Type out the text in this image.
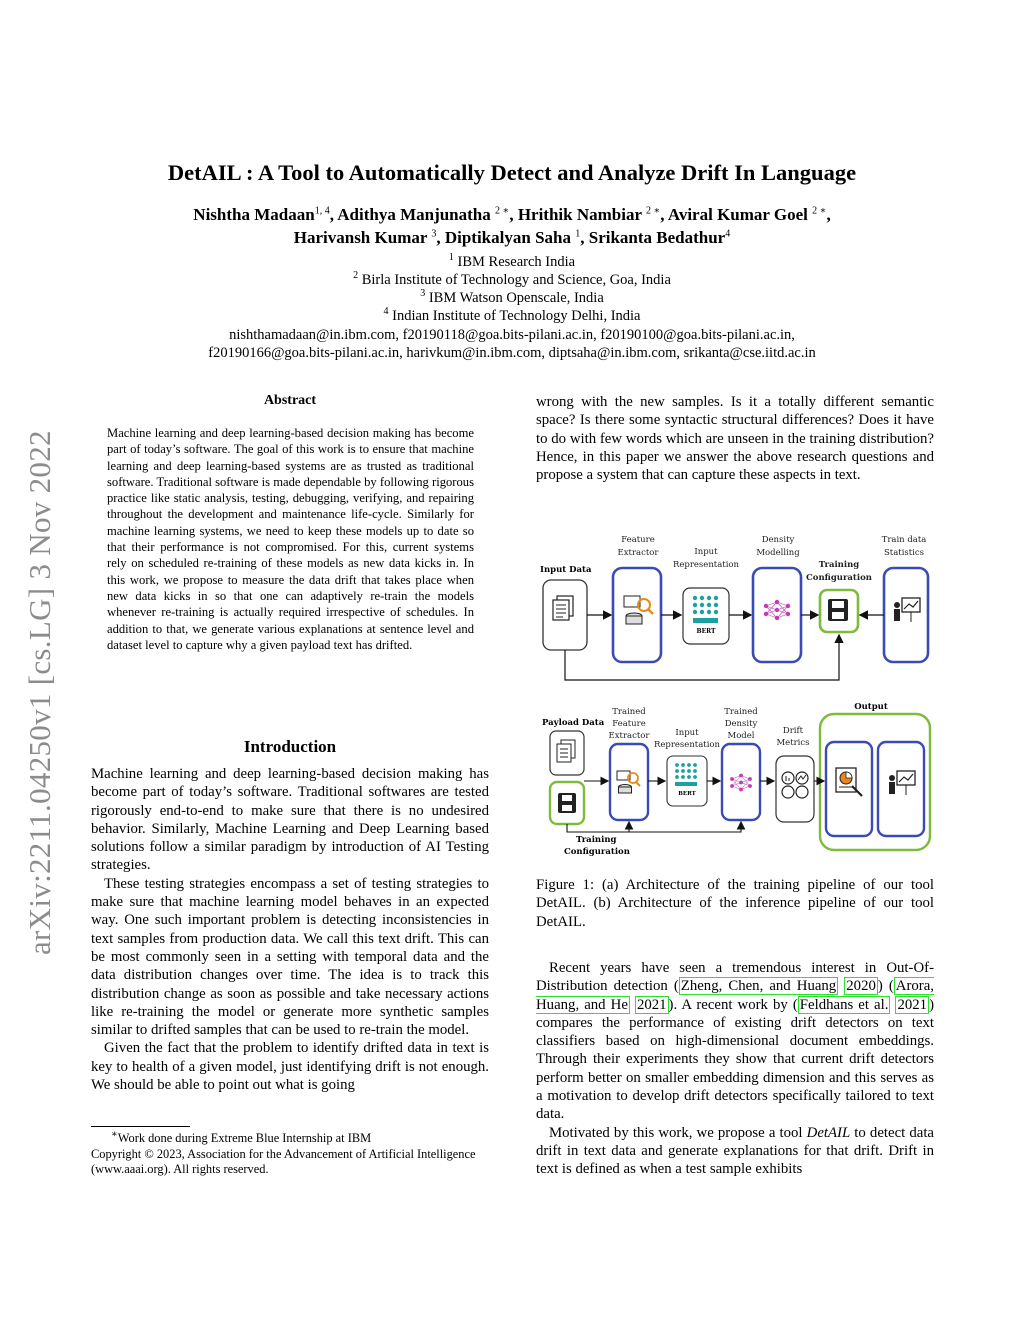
arXiv:2211.04250v1 [cs.LG] 3 Nov 2022
DetAIL : A Tool to Automatically Detect and Analyze Drift In Language
Nishtha Madaan$^{1, 4}$, Adithya Manjunatha $^{2 ∗}$, Hrithik Nambiar $^{2 ∗}$, Aviral Kumar Goel $^{2 ∗}$,
Harivansh Kumar $^3$, Diptikalyan Saha $^1$, Srikanta Bedathur$^4$
$^1$ IBM Research India
$^2$ Birla Institute of Technology and Science, Goa, India
$^3$ IBM Watson Openscale, India
$^4$ Indian Institute of Technology Delhi, India
nishthamadaan@in.ibm.com, f20190118@goa.bits-pilani.ac.in, f20190100@goa.bits-pilani.ac.in,
f20190166@goa.bits-pilani.ac.in, harivkum@in.ibm.com, diptsaha@in.ibm.com, srikanta@cse.iitd.ac.in
Abstract
Machine learning and deep learning-based decision making has become part of today’s software. The goal of this work is to ensure that machine learning and deep learning-based systems are as trusted as traditional software. Traditional software is made dependable by following rigorous practice like static analysis, testing, debugging, verifying, and repairing throughout the development and maintenance life-cycle. Similarly for machine learning systems, we need to keep these models up to date so that their performance is not compromised. For this, current systems rely on scheduled re-training of these models as new data kicks in. In this work, we propose to measure the data drift that takes place when new data kicks in so that one can adaptively re-train the models whenever re-training is actually required irrespective of schedules. In addition to that, we generate various explanations at sentence level and dataset level to capture why a given payload text has drifted.
Introduction

Machine learning and deep learning-based decision making has become part of today’s software. Traditional softwares are tested rigorously end-to-end to make sure that there is no undesired behavior. Similarly, Machine Learning and Deep Learning based solutions follow a similar paradigm by introduction of AI Testing strategies.

These testing strategies encompass a set of testing strategies to make sure that machine learning model behaves in an expected way. One such important problem is detecting inconsistencies in text samples from production data. We call this text drift. This can be most commonly seen in a setting with temporal data and the data distribution changes over time. The idea is to track this distribution change as soon as possible and take necessary actions like re-training the model or generate more synthetic samples similar to drifted samples that can be used to re-train the model.

Given the fact that the problem to identify drifted data in text is key to health of a given model, just identifying drift is not enough. We should be able to point out what is going

∗Work done during Extreme Blue Internship at IBM
Copyright © 2023, Association for the Advancement of Artificial Intelligence (www.aaai.org). All rights reserved.

wrong with the new samples. Is it a totally different semantic space? Is there some syntactic structural differences? Does it have to do with few words which are unseen in the training distribution? Hence, in this paper we answer the above research questions and propose a system that can capture these aspects in text.

Input Data
Feature
Extractor	Input
Representation
Density
Modelling
Training
Configuration
Train data
Statistics
BERT
Payload Data
Trained
Feature
Extractor	Input
Representation
Trained
Density
Model	Drift
Metrics
Output
Training
Configuration
BERT
Figure 1: (a) Architecture of the training pipeline of our tool DetAIL. (b) Architecture of the inference pipeline of our tool DetAIL.

Recent years have seen a tremendous interest in Out-Of-Distribution detection ( Zheng, Chen, and Huang 2020 ) ( Arora, Huang, and He 2021 ). A recent work by ( Feldhans et al. 2021 ) compares the performance of existing drift detectors on text classifiers based on high-dimensional document embeddings. Through their experiments they show that current drift detectors perform better on smaller embedding dimension and this serves as a motivation to develop drift detectors specifically tailored to text data.

Motivated by this work, we propose a tool DetAIL to detect data drift in text data and generate explanations for that drift. Drift in text is defined as when a test sample exhibits
